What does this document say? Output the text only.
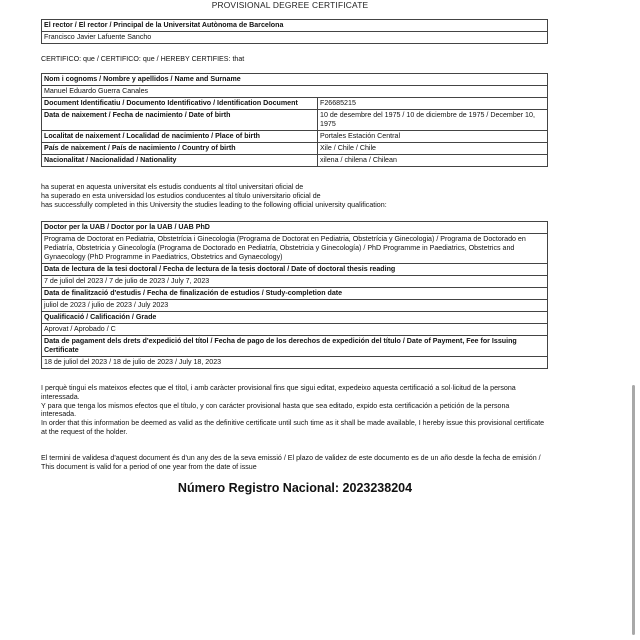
PROVISIONAL DEGREE CERTIFICATE
El rector / El rector / Principal de la Universitat Autònoma de Barcelona
Francisco Javier Lafuente Sancho
CERTIFICO: que / CERTIFICO: que / HEREBY CERTIFIES: that
Nom i cognoms / Nombre y apellidos / Name and Surname	
Manuel Eduardo Guerra Canales	
Document Identificatiu / Documento Identificativo / Identification Document	F26685215
Data de naixement / Fecha de nacimiento / Date of birth	10 de desembre del 1975 / 10 de diciembre de 1975 / December 10, 1975
Localitat de naixement / Localidad de nacimiento / Place of birth	Portales Estación Central
País de naixement / País de nacimiento / Country of birth	Xile / Chile / Chile
Nacionalitat / Nacionalidad / Nationality	xilena / chilena / Chilean
ha superat en aquesta universitat els estudis conduents al títol universitari oficial de
ha superado en esta universidad los estudios conducentes al título universitario oficial de
has successfully completed in this University the studies leading to the following official university qualification:
Doctor per la UAB / Doctor por la UAB / UAB PhD
Programa de Doctorat en Pediatria, Obstetrícia i Ginecologia (Programa de Doctorat en Pediatria, Obstetrícia y Ginecologia) / Programa de Doctorado en Pediatría, Obstetricia y Ginecología (Programa de Doctorado en Pediatría, Obstetricia y Ginecología) / PhD Programme in Paediatrics, Obstetrics and Gynaecology (PhD Programme in Paediatrics, Obstetrics and Gynaecology)
Data de lectura de la tesi doctoral / Fecha de lectura de la tesis doctoral / Date of doctoral thesis reading
7 de juliol del 2023 / 7 de julio de 2023 / July 7, 2023
Data de finalització d'estudis / Fecha de finalización de estudios / Study-completion date
juliol de 2023 / julio de 2023 / July 2023
Qualificació / Calificación / Grade
Aprovat / Aprobado / C
Data de pagament dels drets d'expedició del títol / Fecha de pago de los derechos de expedición del título / Date of Payment, Fee for Issuing Certificate
18 de juliol del 2023 / 18 de julio de 2023 / July 18, 2023
I perquè tingui els mateixos efectes que el títol, i amb caràcter provisional fins que sigui editat, expedeixo aquesta certificació a sol·licitud de la persona interessada.
Y para que tenga los mismos efectos que el título, y con carácter provisional hasta que sea editado, expido esta certificación a petición de la persona interesada.
In order that this information be deemed as valid as the definitive certificate until such time as it shall be made available, I hereby issue this provisional certificate at the request of the holder.
El termini de validesa d'aquest document és d'un any des de la seva emissió / El plazo de validez de este documento es de un año desde la fecha de emisión / This document is valid for a period of one year from the date of issue
Número Registro Nacional: 2023238204
